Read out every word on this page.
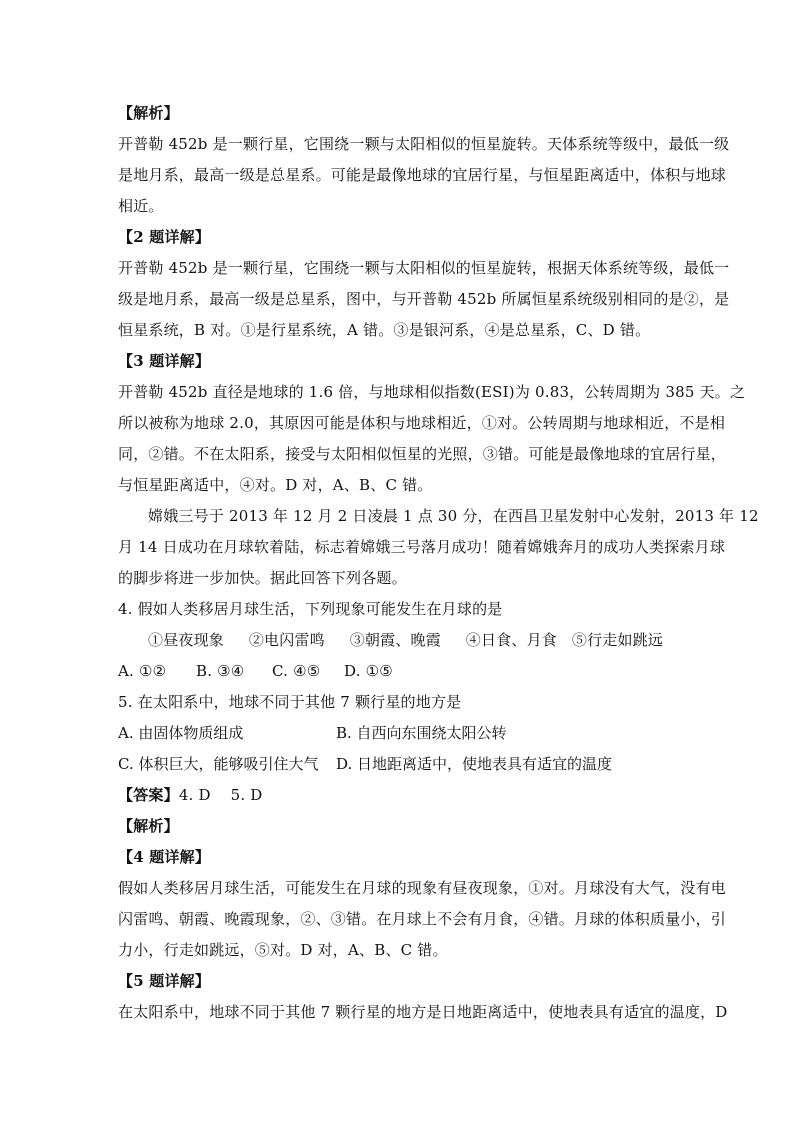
【解析】
开普勒 452b 是一颗行星，它围绕一颗与太阳相似的恒星旋转。天体系统等级中，最低一级
是地月系，最高一级是总星系。可能是最像地球的宜居行星，与恒星距离适中，体积与地球
相近。
【2 题详解】
开普勒 452b 是一颗行星，它围绕一颗与太阳相似的恒星旋转，根据天体系统等级，最低一
级是地月系，最高一级是总星系，图中，与开普勒 452b 所属恒星系统级别相同的是②，是
恒星系统，B 对。①是行星系统，A 错。③是银河系，④是总星系，C、D 错。
【3 题详解】
开普勒 452b 直径是地球的 1.6 倍，与地球相似指数(ESI)为 0.83，公转周期为 385 天。之
所以被称为地球 2.0，其原因可能是体积与地球相近，①对。公转周期与地球相近，不是相
同，②错。不在太阳系，接受与太阳相似恒星的光照，③错。可能是最像地球的宜居行星，
与恒星距离适中，④对。D 对，A、B、C 错。
嫦娥三号于 2013 年 12 月 2 日凌晨 1 点 30 分，在西昌卫星发射中心发射，2013 年 12
月 14 日成功在月球软着陆，标志着嫦娥三号落月成功！随着嫦娥奔月的成功人类探索月球
的脚步将进一步加快。据此回答下列各题。
4. 假如人类移居月球生活，下列现象可能发生在月球的是
①昼夜现象 ②电闪雷鸣 ③朝霞、晚霞 ④日食、月食 ⑤行走如跳远
A. ①② B. ③④ C. ④⑤ D. ①⑤
5. 在太阳系中，地球不同于其他 7 颗行星的地方是
A. 由固体物质组成	B. 自西向东围绕太阳公转
C. 体积巨大，能够吸引住大气 D. 日地距离适中，使地表具有适宜的温度
【答案】4. D    5. D
【解析】
【4 题详解】
假如人类移居月球生活，可能发生在月球的现象有昼夜现象，①对。月球没有大气，没有电
闪雷鸣、朝霞、晚霞现象，②、③错。在月球上不会有月食，④错。月球的体积质量小，引
力小，行走如跳远，⑤对。D 对，A、B、C 错。
【5 题详解】
在太阳系中，地球不同于其他 7 颗行星的地方是日地距离适中，使地表具有适宜的温度，D
